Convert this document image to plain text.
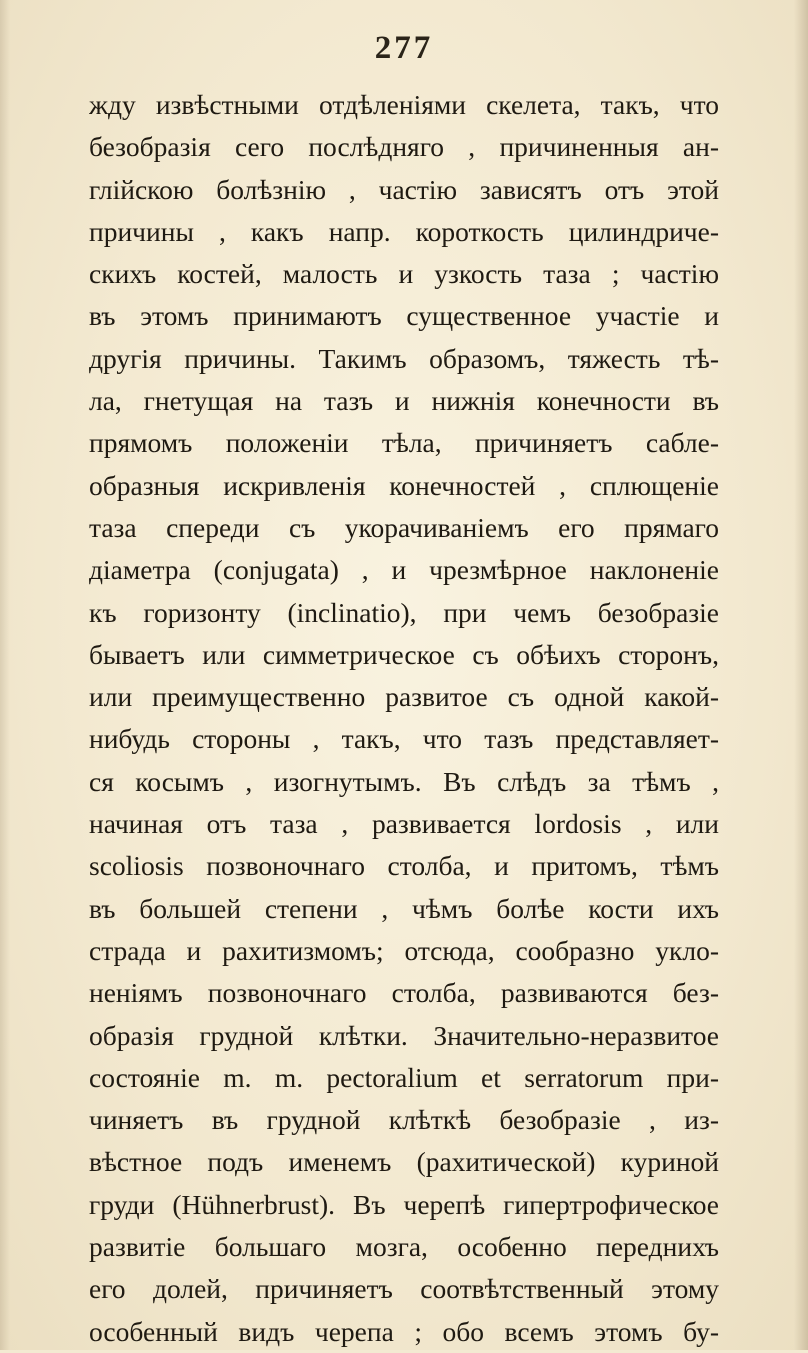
277
жду извѣстными отдѣленіями скелета, такъ, что
безобразія сего послѣдняго , причиненныя ан-
глійскою болѣзнію , частію зависятъ отъ этой
причины , какъ напр. короткость цилиндриче-
скихъ костей, малость и узкость таза ; частію
въ этомъ принимаютъ существенное участіе и
другія причины. Такимъ образомъ, тяжесть тѣ-
ла, гнетущая на тазъ и нижнія конечности въ
прямомъ положеніи тѣла, причиняетъ сабле-
образныя искривленія конечностей , сплющеніе
таза спереди съ укорачиваніемъ его прямаго
діаметра (conjugata) , и чрезмѣрное наклоненіе
къ горизонту (inclinatio), при чемъ безобразіе
бываетъ или симметрическое съ обѣихъ сторонъ,
или преимущественно развитое съ одной какой-
нибудь стороны , такъ, что тазъ представляет-
ся косымъ , изогнутымъ. Въ слѣдъ за тѣмъ ,
начиная отъ таза , развивается lordosis , или
scoliosis позвоночнаго столба, и притомъ, тѣмъ
въ большей степени , чѣмъ болѣе кости ихъ
страда и рахитизмомъ; отсюда, сообразно укло-
неніямъ позвоночнаго столба, развиваются без-
образія грудной клѣтки. Значительно-неразвитое
состояніе m. m. pectoralium et serratorum при-
чиняетъ въ грудной клѣткѣ безобразіе , из-
вѣстное подъ именемъ (рахитической) куриной
груди (Hühnerbrust). Въ черепѣ гипертрофическое
развитіе большаго мозга, особенно переднихъ
его долей, причиняетъ соотвѣтственный этому
особенный видъ черепа ; обо всемъ этомъ бу-
